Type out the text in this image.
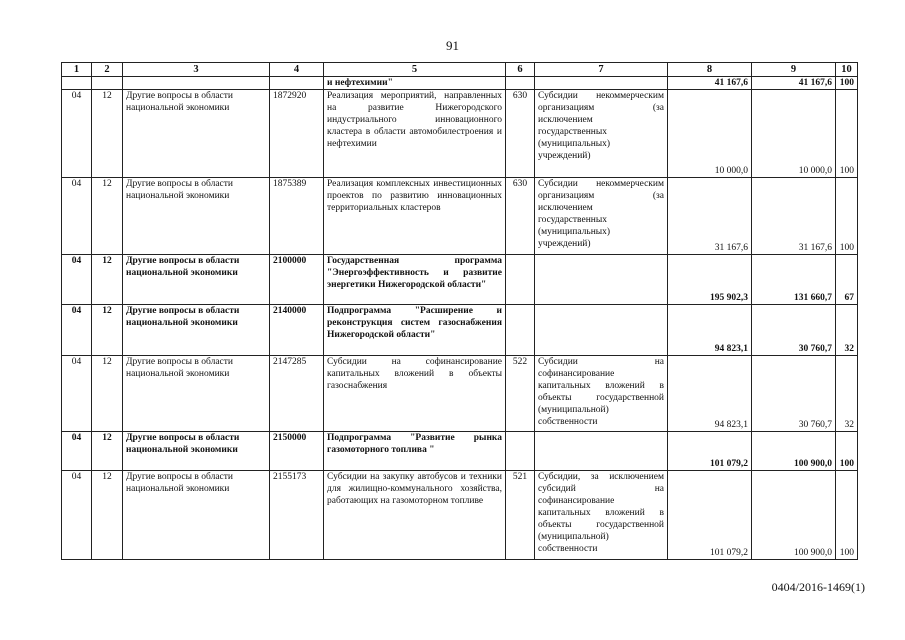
91
1	2	3	4	5	6	7	8	9	10
				и нефтехимии"			41 167,6	41 167,6	100
04	12	Другие вопросы в области национальной экономики	1872920	Реализация мероприятий, направленных на развитие Нижегородского индустриального инновационного кластера в области автомобилестроения и нефтехимии	630	Субсидии некоммерческим организациям (за исключением государственных (муниципальных) учреждений)	10 000,0	10 000,0	100
04	12	Другие вопросы в области национальной экономики	1875389	Реализация комплексных инвестиционных проектов по развитию инновационных территориальных кластеров	630	Субсидии некоммерческим организациям (за исключением государственных (муниципальных) учреждений)	31 167,6	31 167,6	100
04	12	Другие вопросы в области национальной экономики	2100000	Государственная программа "Энергоэффективность и развитие энергетики Нижегородской области"			195 902,3	131 660,7	67
04	12	Другие вопросы в области национальной экономики	2140000	Подпрограмма "Расширение и реконструкция систем газоснабжения Нижегородской области"			94 823,1	30 760,7	32
04	12	Другие вопросы в области национальной экономики	2147285	Субсидии на софинансирование капитальных вложений в объекты газоснабжения	522	Субсидии на софинансирование капитальных вложений в объекты государственной (муниципальной) собственности	94 823,1	30 760,7	32
04	12	Другие вопросы в области национальной экономики	2150000	Подпрограмма "Развитие рынка газомоторного топлива "			101 079,2	100 900,0	100
04	12	Другие вопросы в области национальной экономики	2155173	Субсидии на закупку автобусов и техники для жилищно-коммунального хозяйства, работающих на газомоторном топливе	521	Субсидии, за исключением субсидий на софинансирование капитальных вложений в объекты государственной (муниципальной) собственности	101 079,2	100 900,0	100
0404/2016-1469(1)
